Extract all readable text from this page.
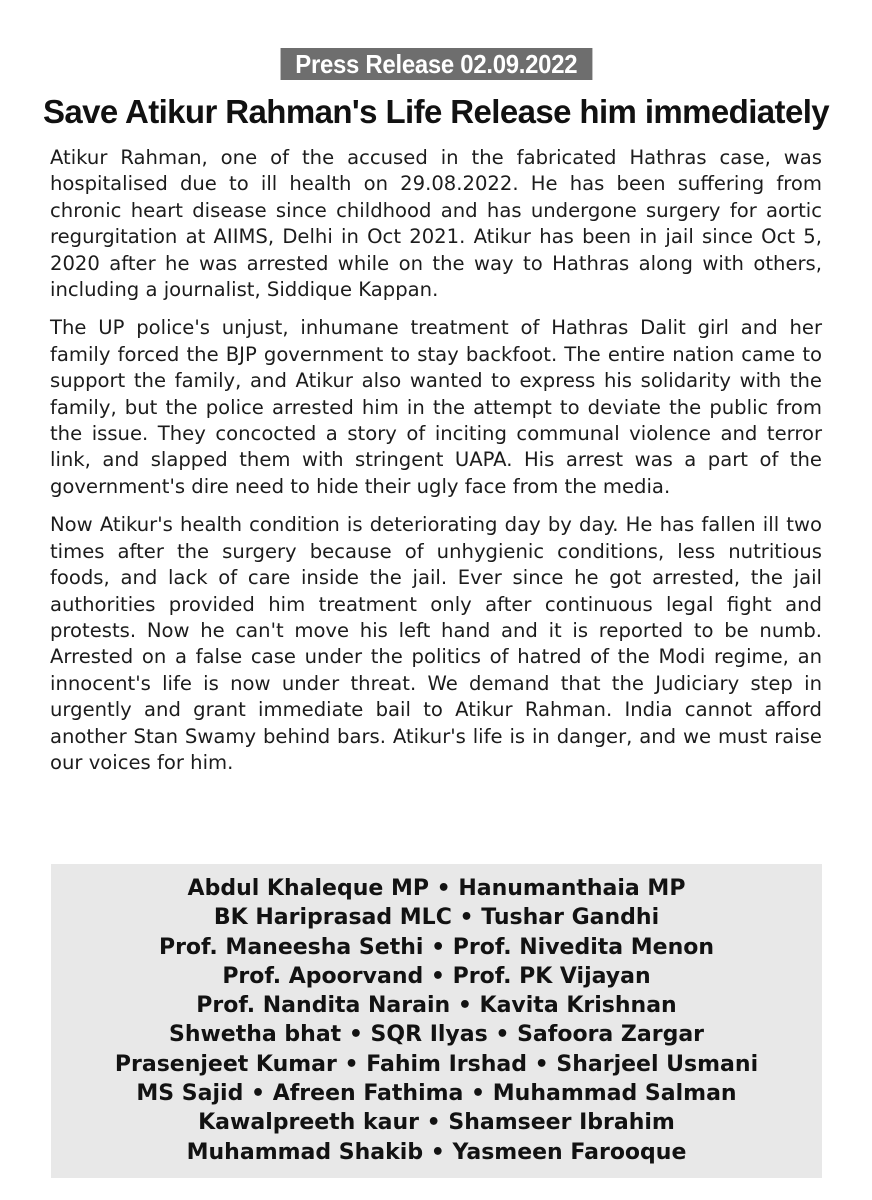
Press Release 02.09.2022
Save Atikur Rahman's Life Release him immediately

Atikur Rahman, one of the accused in the fabricated Hathras case, was hospitalised due to ill health on 29.08.2022. He has been suffering from chronic heart disease since childhood and has undergone surgery for aortic regurgitation at AIIMS, Delhi in Oct 2021. Atikur has been in jail since Oct 5, 2020 after he was arrested while on the way to Hathras along with others, including a journalist, Siddique Kappan.

The UP police's unjust, inhumane treatment of Hathras Dalit girl and her family forced the BJP government to stay backfoot. The entire nation came to support the family, and Atikur also wanted to express his solidarity with the family, but the police arrested him in the attempt to deviate the public from the issue. They concocted a story of inciting communal violence and terror link, and slapped them with stringent UAPA. His arrest was a part of the government's dire need to hide their ugly face from the media.

Now Atikur's health condition is deteriorating day by day. He has fallen ill two times after the surgery because of unhygienic conditions, less nutritious foods, and lack of care inside the jail. Ever since he got arrested, the jail authorities provided him treatment only after continuous legal fight and protests. Now he can't move his left hand and it is reported to be numb. Arrested on a false case under the politics of hatred of the Modi regime, an innocent's life is now under threat. We demand that the Judiciary step in urgently and grant immediate bail to Atikur Rahman. India cannot afford another Stan Swamy behind bars. Atikur's life is in danger, and we must raise our voices for him.

Abdul Khaleque MP • Hanumanthaia MP
BK Hariprasad MLC • Tushar Gandhi
Prof. Maneesha Sethi • Prof. Nivedita Menon
Prof. Apoorvand • Prof. PK Vijayan
Prof. Nandita Narain • Kavita Krishnan
Shwetha bhat • SQR Ilyas • Safoora Zargar
Prasenjeet Kumar • Fahim Irshad • Sharjeel Usmani
MS Sajid • Afreen Fathima • Muhammad Salman
Kawalpreeth kaur • Shamseer Ibrahim
Muhammad Shakib • Yasmeen Farooque
